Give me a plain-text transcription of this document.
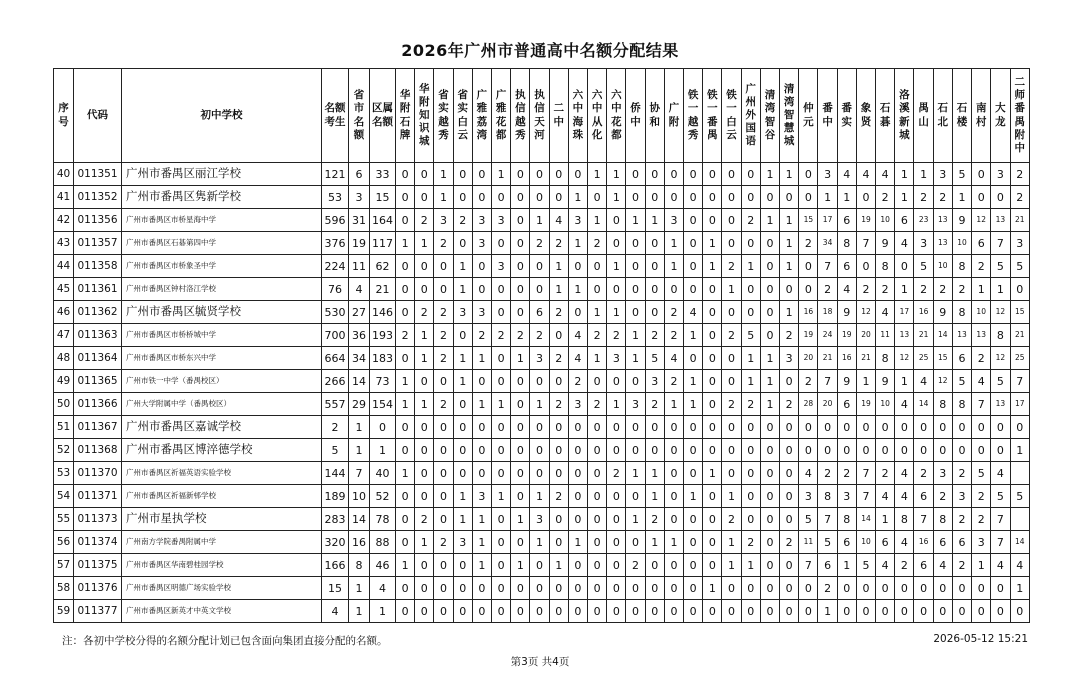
2026年广州市普通高中名额分配结果
序号	代码	初中学校	名额考生	省市名额	区属名额	华附石牌	华附知识城	省实越秀	省实白云	广雅荔湾	广雅花都	执信越秀	执信天河	二中	六中海珠	六中从化	六中花都	侨中	协和	广附	铁一越秀	铁一番禺	铁一白云	广州外国语	清湾智谷	清湾智慧城	仲元	番中	番实	象贤	石碁	洛溪新城	禺山	石北	石楼	南村	大龙	二师番禺附中
40	011351	广州市番禺区丽江学校	121	6	33	0	0	1	0	0	1	0	0	0	0	1	1	0	0	0	0	0	0	0	1	1	0	3	4	4	4	1	1	3	5	0	3	2
41	011352	广州市番禺区隽新学校	53	3	15	0	0	1	0	0	0	0	0	0	1	0	1	0	0	0	0	0	0	0	0	0	0	1	1	0	2	1	2	2	1	0	0	2
42	011356	广州市番禺区市桥星海中学	596	31	164	0	2	3	2	3	3	0	1	4	3	1	0	1	1	3	0	0	0	2	1	1	15	17	6	19	10	6	23	13	9	12	13	21
43	011357	广州市番禺区石碁第四中学	376	19	117	1	1	2	0	3	0	0	2	2	1	2	0	0	0	1	0	1	0	0	0	1	2	34	8	7	9	4	3	13	10	6	7	3
44	011358	广州市番禺区市桥象圣中学	224	11	62	0	0	0	1	0	3	0	0	1	0	0	1	0	0	1	0	1	2	1	0	1	0	7	6	0	8	0	5	10	8	2	5	5
45	011361	广州市番禺区钟村洛江学校	76	4	21	0	0	0	1	0	0	0	0	1	1	0	0	0	0	0	0	0	1	0	0	0	0	2	4	2	2	1	2	2	2	1	1	0
46	011362	广州市番禺区毓贤学校	530	27	146	0	2	2	3	3	0	0	6	2	0	1	1	0	0	2	4	0	0	0	0	1	16	18	9	12	4	17	16	9	8	10	12	15
47	011363	广州市番禺区市桥桥城中学	700	36	193	2	1	2	0	2	2	2	2	0	4	2	2	1	2	2	1	0	2	5	0	2	19	24	19	20	11	13	21	14	13	13	8	21
48	011364	广州市番禺区市桥东兴中学	664	34	183	0	1	2	1	1	0	1	3	2	4	1	3	1	5	4	0	0	0	1	1	3	20	21	16	21	8	12	25	15	6	2	12	25
49	011365	广州市铁一中学（番禺校区）	266	14	73	1	0	0	1	0	0	0	0	0	2	0	0	0	3	2	1	0	0	1	1	0	2	7	9	1	9	1	4	12	5	4	5	7
50	011366	广州大学附属中学（番禺校区）	557	29	154	1	1	2	0	1	1	0	1	2	3	2	1	3	2	1	1	0	2	2	1	2	28	20	6	19	10	4	14	8	8	7	13	17
51	011367	广州市番禺区嘉诚学校	2	1	0	0	0	0	0	0	0	0	0	0	0	0	0	0	0	0	0	0	0	0	0	0	0	0	0	0	0	0	0	0	0	0	0	0
52	011368	广州市番禺区博淬德学校	5	1	1	0	0	0	0	0	0	0	0	0	0	0	0	0	0	0	0	0	0	0	0	0	0	0	0	0	0	0	0	0	0	0	0	1
53	011370	广州市番禺区祈福英语实验学校	144	7	40	1	0	0	0	0	0	0	0	0	0	0	2	1	1	0	0	1	0	0	0	0	4	2	2	7	2	4	2	3	2	5	4	
54	011371	广州市番禺区祈福新邨学校	189	10	52	0	0	0	1	3	1	0	1	2	0	0	0	0	1	0	1	0	1	0	0	0	3	8	3	7	4	4	6	2	3	2	5	5
55	011373	广州市星执学校	283	14	78	0	2	0	1	1	0	1	3	0	0	0	0	1	2	0	0	0	2	0	0	0	5	7	8	14	1	8	7	8	2	2	7	
56	011374	广州南方学院番禺附属中学	320	16	88	0	1	2	3	1	0	0	1	0	1	0	0	0	1	1	0	0	1	2	0	2	11	5	6	10	6	4	16	6	6	3	7	14
57	011375	广州市番禺区华南碧桂园学校	166	8	46	1	0	0	0	1	0	1	0	1	0	0	0	2	0	0	0	0	1	1	0	0	7	6	1	5	4	2	6	4	2	1	4	4
58	011376	广州市番禺区明德广场实验学校	15	1	4	0	0	0	0	0	0	0	0	0	0	0	0	0	0	0	0	1	0	0	0	0	0	2	0	0	0	0	0	0	0	0	0	1
59	011377	广州市番禺区新英才中英文学校	4	1	1	0	0	0	0	0	0	0	0	0	0	0	0	0	0	0	0	0	0	0	0	0	0	1	0	0	0	0	0	0	0	0	0	0
注：各初中学校分得的名额分配计划已包含面向集团直接分配的名额。	2026-05-12 15:21
第3页 共4页
